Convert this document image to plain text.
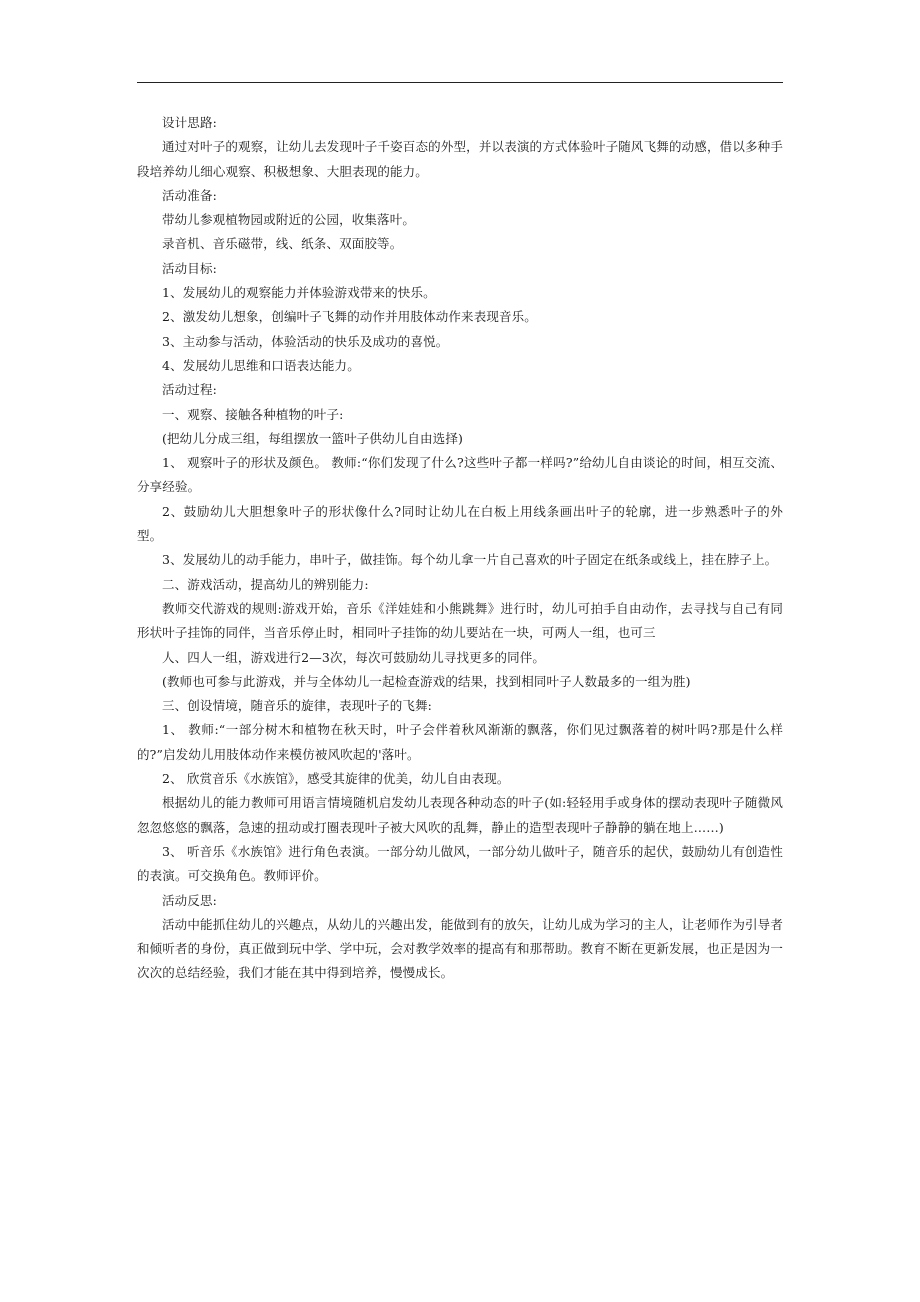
设计思路:

通过对叶子的观察，让幼儿去发现叶子千姿百态的外型，并以表演的方式体验叶子随风飞舞的动感，借以多种手段培养幼儿细心观察、积极想象、大胆表现的能力。

活动准备:

带幼儿参观植物园或附近的公园，收集落叶。

录音机、音乐磁带，线、纸条、双面胶等。

活动目标:

1、发展幼儿的观察能力并体验游戏带来的快乐。

2、激发幼儿想象，创编叶子飞舞的动作并用肢体动作来表现音乐。

3、主动参与活动，体验活动的快乐及成功的喜悦。

4、发展幼儿思维和口语表达能力。

活动过程:

一、观察、接触各种植物的叶子:

(把幼儿分成三组，每组摆放一篮叶子供幼儿自由选择)

1、 观察叶子的形状及颜色。 教师:“你们发现了什么?这些叶子都一样吗?”给幼儿自由谈论的时间，相互交流、分享经验。

2、鼓励幼儿大胆想象叶子的形状像什么?同时让幼儿在白板上用线条画出叶子的轮廓，进一步熟悉叶子的外型。

3、发展幼儿的动手能力，串叶子，做挂饰。每个幼儿拿一片自己喜欢的叶子固定在纸条或线上，挂在脖子上。

二、游戏活动，提高幼儿的辨别能力:

教师交代游戏的规则:游戏开始，音乐《洋娃娃和小熊跳舞》进行时，幼儿可拍手自由动作，去寻找与自己有同形状叶子挂饰的同伴，当音乐停止时，相同叶子挂饰的幼儿要站在一块，可两人一组，也可三

人、四人一组，游戏进行2—3次，每次可鼓励幼儿寻找更多的同伴。

(教师也可参与此游戏，并与全体幼儿一起检查游戏的结果，找到相同叶子人数最多的一组为胜)

三、创设情境，随音乐的旋律，表现叶子的飞舞:

1、 教师:“一部分树木和植物在秋天时，叶子会伴着秋风渐渐的飘落，你们见过飘落着的树叶吗?那是什么样的?”启发幼儿用肢体动作来模仿被风吹起的'落叶。

2、 欣赏音乐《水族馆》，感受其旋律的优美，幼儿自由表现。

根据幼儿的能力教师可用语言情境随机启发幼儿表现各种动态的叶子(如:轻轻用手或身体的摆动表现叶子随微风忽忽悠悠的飘落，急速的扭动或打圈表现叶子被大风吹的乱舞，静止的造型表现叶子静静的躺在地上……)

3、 听音乐《水族馆》进行角色表演。一部分幼儿做风，一部分幼儿做叶子，随音乐的起伏，鼓励幼儿有创造性的表演。可交换角色。教师评价。

活动反思:

活动中能抓住幼儿的兴趣点，从幼儿的兴趣出发，能做到有的放矢，让幼儿成为学习的主人，让老师作为引导者和倾听者的身份，真正做到玩中学、学中玩，会对教学效率的提高有和那帮助。教育不断在更新发展，也正是因为一次次的总结经验，我们才能在其中得到培养，慢慢成长。
